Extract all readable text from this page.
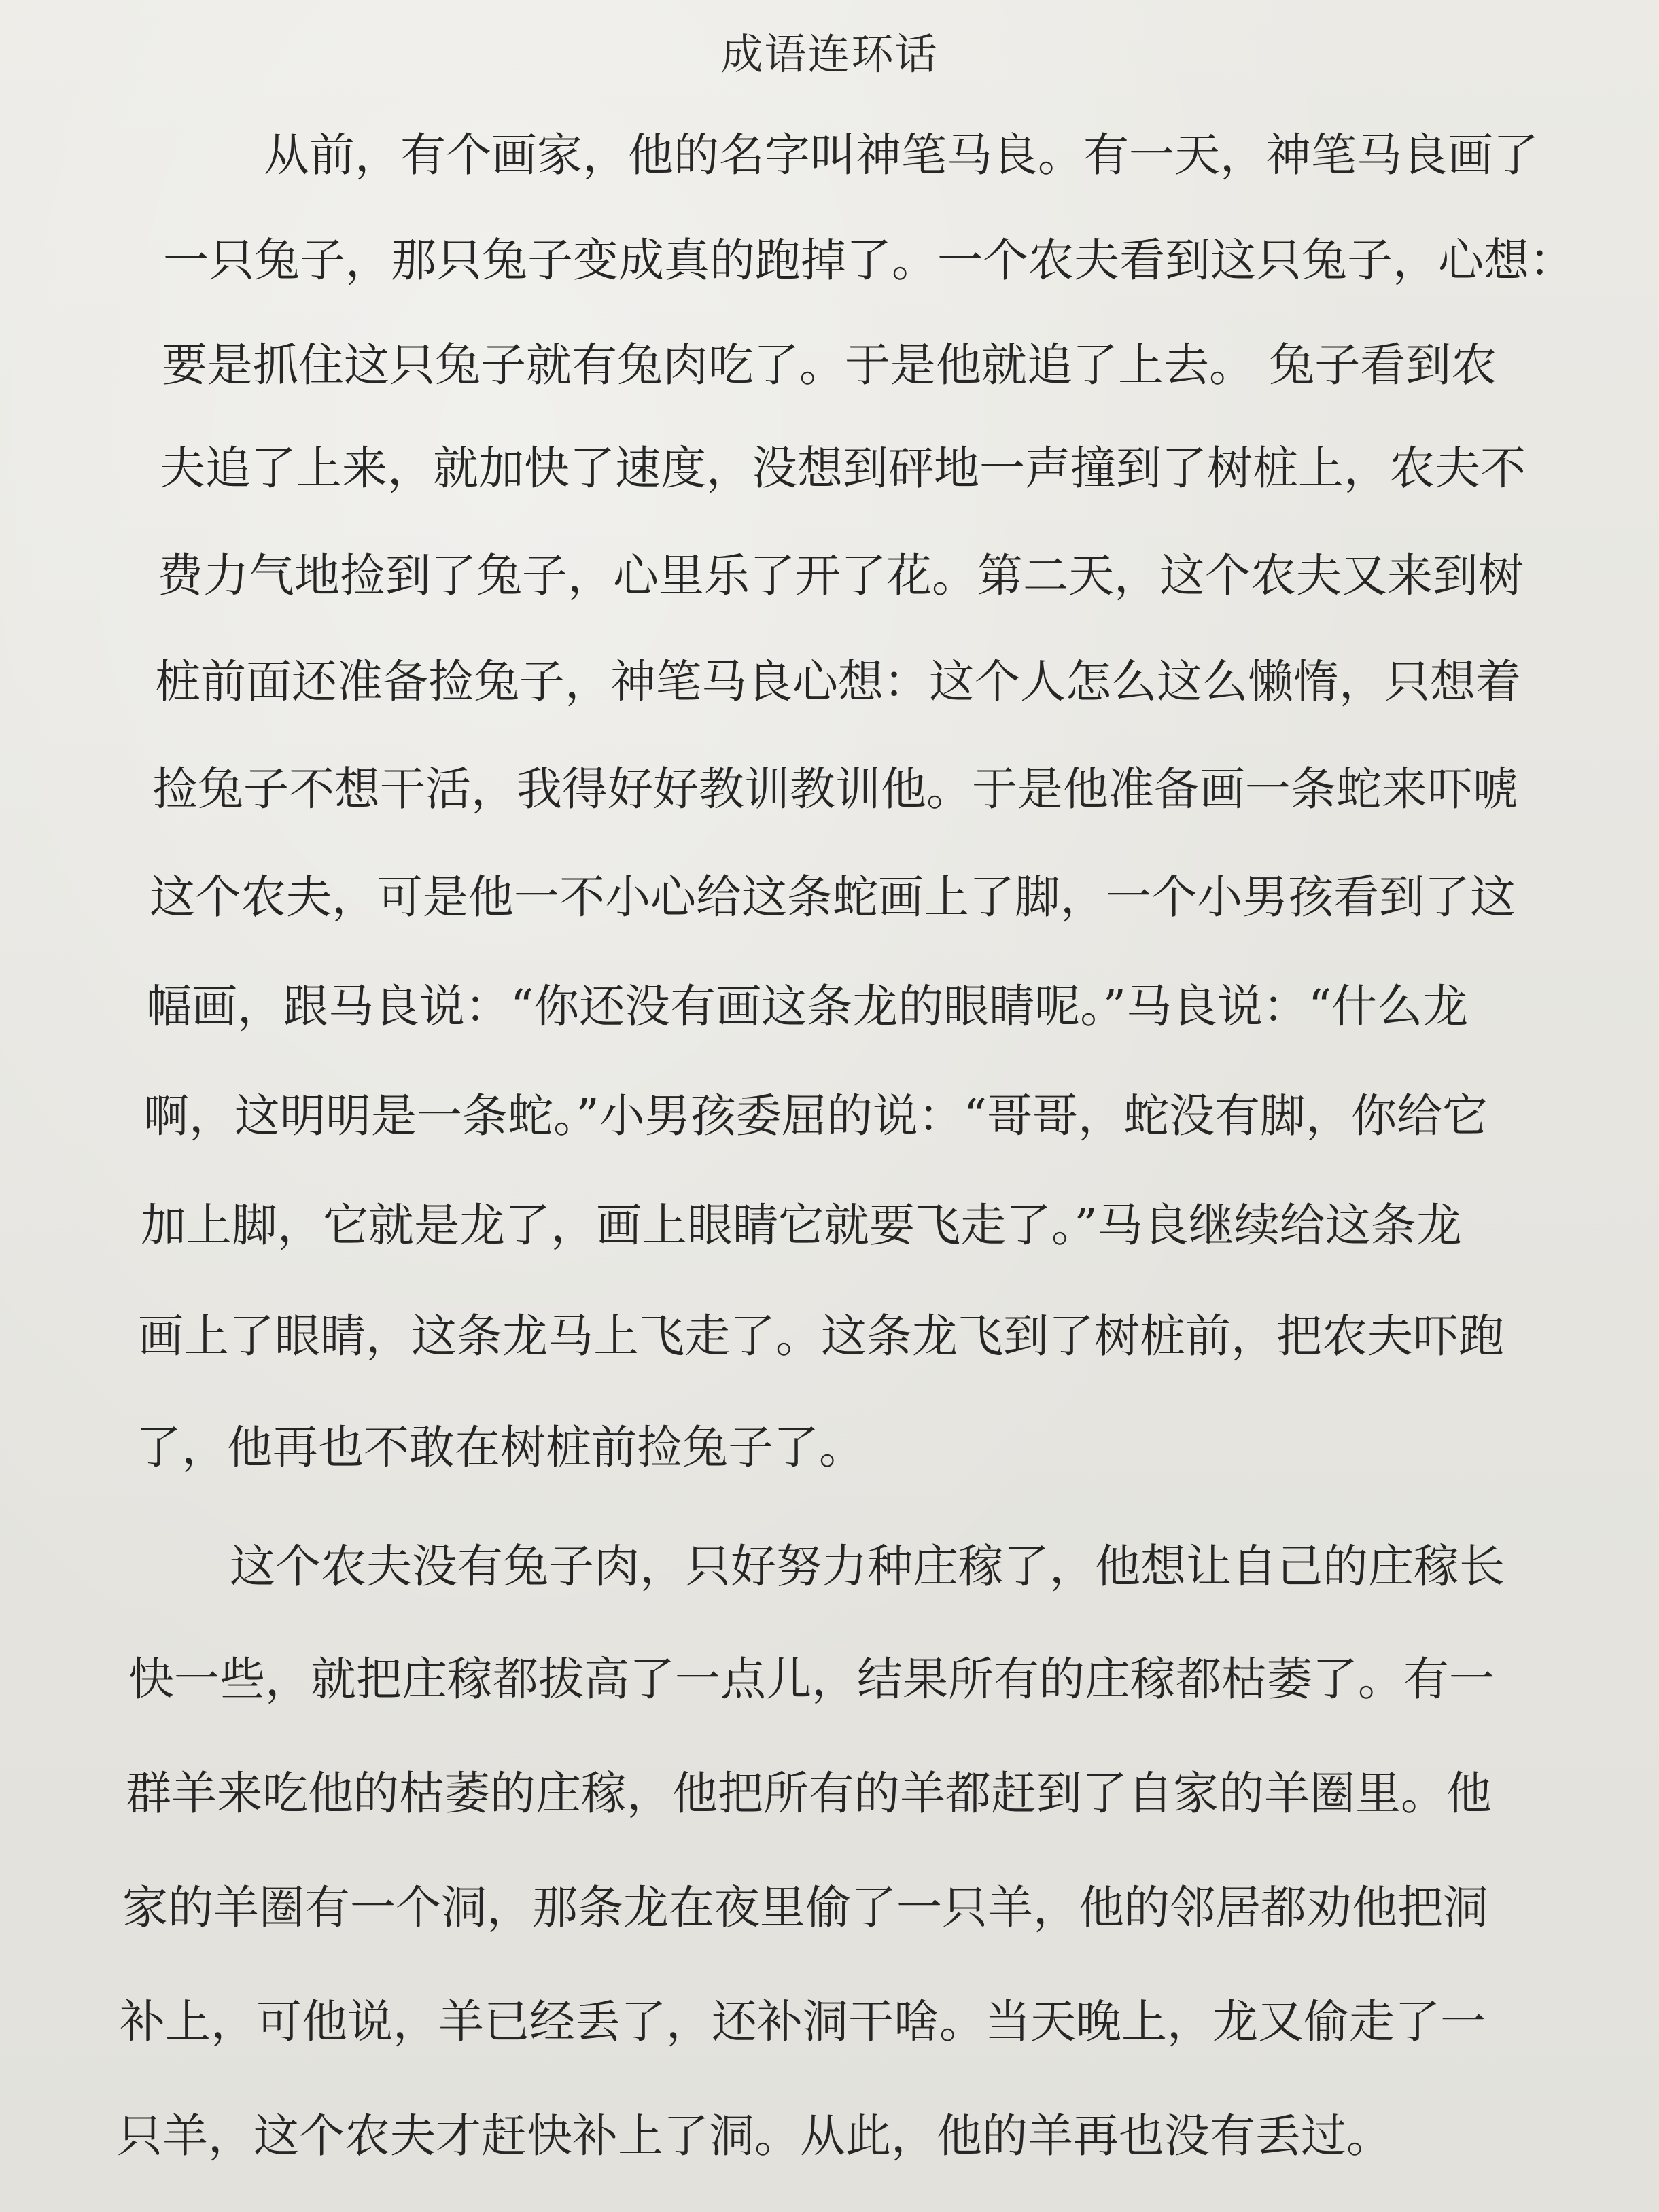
成语连环话
从前，有个画家，他的名字叫神笔马良。有一天，神笔马良画了
一只兔子，那只兔子变成真的跑掉了。一个农夫看到这只兔子，心想：
要是抓住这只兔子就有兔肉吃了。于是他就追了上去。 兔子看到农
夫追了上来，就加快了速度，没想到砰地一声撞到了树桩上，农夫不
费力气地捡到了兔子，心里乐了开了花。第二天，这个农夫又来到树
桩前面还准备捡兔子，神笔马良心想：这个人怎么这么懒惰，只想着
捡兔子不想干活，我得好好教训教训他。于是他准备画一条蛇来吓唬
这个农夫，可是他一不小心给这条蛇画上了脚，一个小男孩看到了这
幅画，跟马良说：“你还没有画这条龙的眼睛呢。”马良说：“什么龙
啊，这明明是一条蛇。”小男孩委屈的说：“哥哥，蛇没有脚，你给它
加上脚，它就是龙了，画上眼睛它就要飞走了。”马良继续给这条龙
画上了眼睛，这条龙马上飞走了。这条龙飞到了树桩前，把农夫吓跑
了，他再也不敢在树桩前捡兔子了。
这个农夫没有兔子肉，只好努力种庄稼了，他想让自己的庄稼长
快一些，就把庄稼都拔高了一点儿，结果所有的庄稼都枯萎了。有一
群羊来吃他的枯萎的庄稼，他把所有的羊都赶到了自家的羊圈里。他
家的羊圈有一个洞，那条龙在夜里偷了一只羊，他的邻居都劝他把洞
补上，可他说，羊已经丢了，还补洞干啥。当天晚上，龙又偷走了一
只羊，这个农夫才赶快补上了洞。从此，他的羊再也没有丢过。
